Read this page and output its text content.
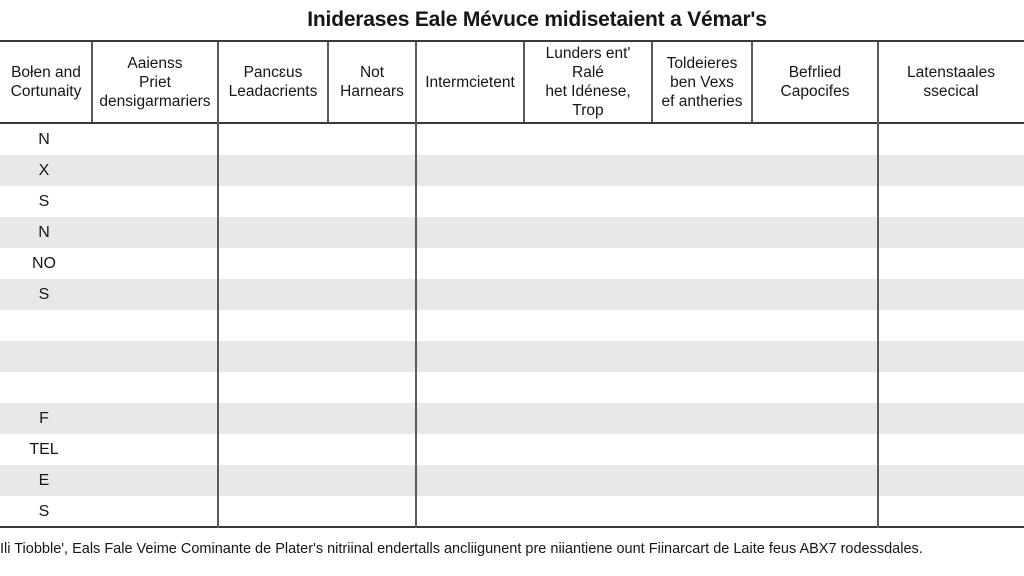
Iniderases Eale Mévuce midisetaient a Vémar's
Bołen and
Cortunaity
Aaienss
Priet
densigarmariers
Pancɛus
Leadacrients
Not
Harnears
Intermcietent
Lunders ent' Ralé
het Idénese, Trop
Toldeieres
ben Vexs
ef antheries
Befrlied
Capocifes
Latenstaales ssecical
N
X
S
N
NO
S
F
TEL
E
S
Ili Tiobble', Eals Fale Veime Cominante de Plater's nitriinal endertalls ancliigunent pre niiantiene ount Fiinarcart de Laite feus ABX7 rodessdales.
